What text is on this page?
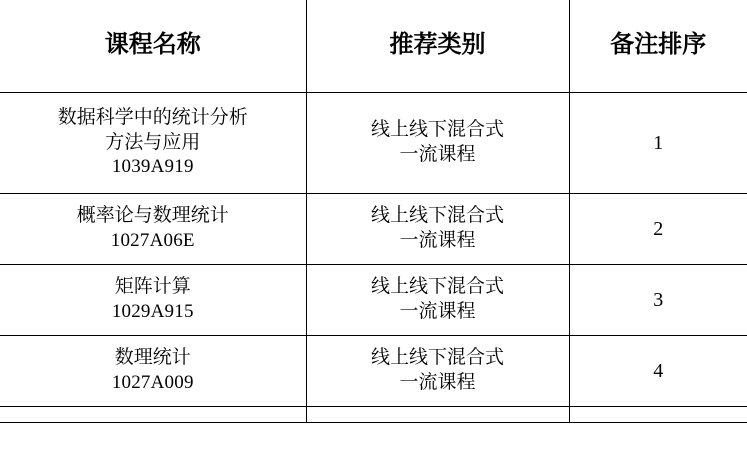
课程名称	推荐类别	备注排序

数据科学中的统计分析
方法与应用
1039A919	线上线下混合式
一流课程	1

概率论与数理统计
1027A06E	线上线下混合式
一流课程	2

矩阵计算
1029A915	线上线下混合式
一流课程	3

数理统计
1027A009	线上线下混合式
一流课程	4
